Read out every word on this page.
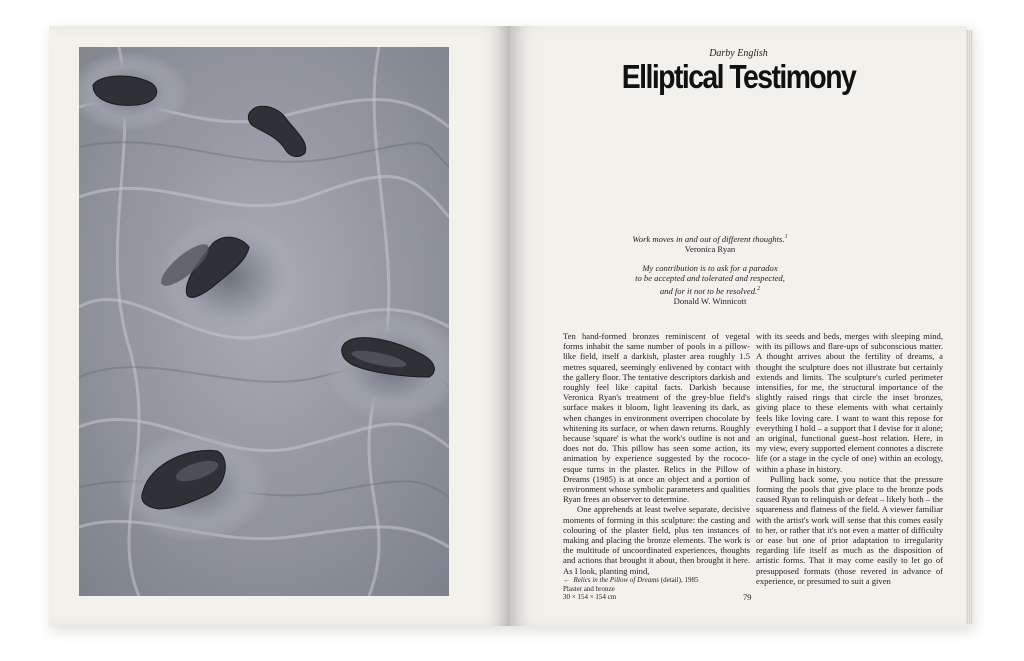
Darby English
Elliptical Testimony
Work moves in and out of different thoughts.$^1$
Veronica Ryan
My contribution is to ask for a paradox
to be accepted and tolerated and respected,
and for it not to be resolved.$^2$
Donald W. Winnicott

Ten hand-formed bronzes reminiscent of vegetal forms inhabit the same number of pools in a pillow-like field, itself a darkish, plaster area roughly 1.5 metres squared, seemingly enlivened by contact with the gallery floor. The tentative descriptors darkish and roughly feel like capital facts. Darkish because Veronica Ryan's treatment of the grey-blue field's surface makes it bloom, light leavening its dark, as when changes in environment overripen chocolate by whitening its surface, or when dawn returns. Roughly because 'square' is what the work's outline is not and does not do. This pillow has seen some action, its animation by experience suggested by the rococo-esque turns in the plaster. Relics in the Pillow of Dreams (1985) is at once an object and a portion of environment whose symbolic parameters and qualities Ryan frees an observer to determine.

One apprehends at least twelve separate, decisive moments of forming in this sculpture: the casting and colouring of the plaster field, plus ten instances of making and placing the bronze elements. The work is the multitude of uncoordinated experiences, thoughts and actions that brought it about, then brought it here. As I look, planting mind,

with its seeds and beds, merges with sleeping mind, with its pillows and flare-ups of subconscious matter. A thought arrives about the fertility of dreams, a thought the sculpture does not illustrate but certainly extends and limits. The sculpture's curled perimeter intensifies, for me, the structural importance of the slightly raised rings that circle the inset bronzes, giving place to these elements with what certainly feels like loving care. I want to want this repose for everything I hold – a support that I devise for it alone; an original, functional guest–host relation. Here, in my view, every supported element connotes a discrete life (or a stage in the cycle of one) within an ecology, within a phase in history.

Pulling back some, you notice that the pressure forming the pools that give place to the bronze pods caused Ryan to relinquish or defeat – likely both – the squareness and flatness of the field. A viewer familiar with the artist's work will sense that this comes easily to her, or rather that it's not even a matter of difficulty or ease but one of prior adaptation to irregularity regarding life itself as much as the disposition of artistic forms. That it may come easily to let go of presupposed formats (those revered in advance of experience, or presumed to suit a given

← Relics in the Pillow of Dreams (detail), 1985
Plaster and bronze
30 × 154 × 154 cm	79
